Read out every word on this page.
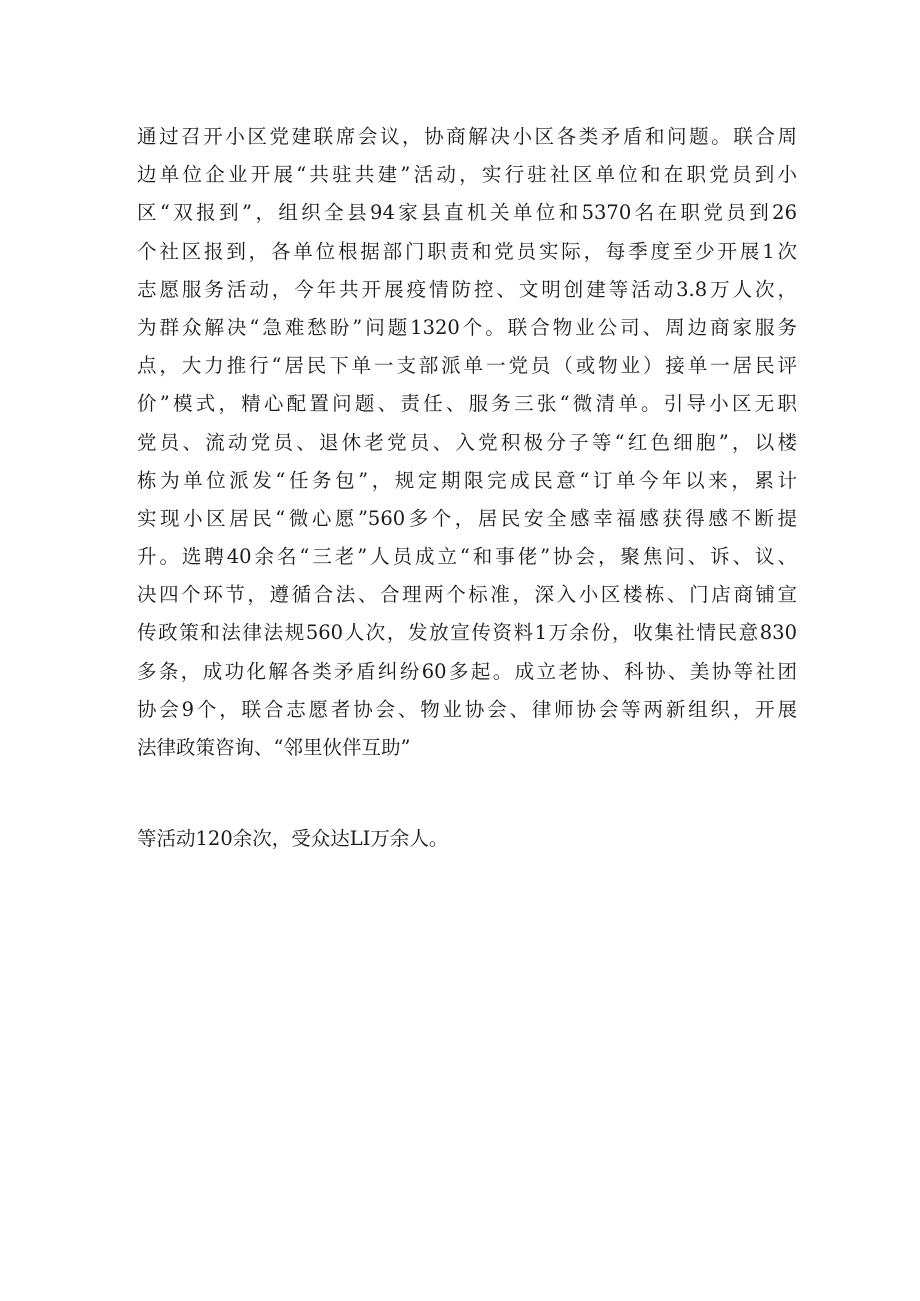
通过召开小区党建联席会议，协商解决小区各类矛盾和问题。联合周
边单位企业开展“共驻共建”活动，实行驻社区单位和在职党员到小
区“双报到”，组织全县94家县直机关单位和5370名在职党员到26
个社区报到，各单位根据部门职责和党员实际，每季度至少开展1次
志愿服务活动，今年共开展疫情防控、文明创建等活动3.8万人次，
为群众解决“急难愁盼”问题1320个。联合物业公司、周边商家服务
点，大力推行“居民下单一支部派单一党员（或物业）接单一居民评
价”模式，精心配置问题、责任、服务三张“微清单。引导小区无职
党员、流动党员、退休老党员、入党积极分子等“红色细胞”，以楼
栋为单位派发“任务包”，规定期限完成民意“订单今年以来，累计
实现小区居民“微心愿”560多个，居民安全感幸福感获得感不断提
升。选聘40余名“三老”人员成立“和事佬”协会，聚焦问、诉、议、
决四个环节，遵循合法、合理两个标准，深入小区楼栋、门店商铺宣
传政策和法律法规560人次，发放宣传资料1万余份，收集社情民意830
多条，成功化解各类矛盾纠纷60多起。成立老协、科协、美协等社团
协会9个，联合志愿者协会、物业协会、律师协会等两新组织，开展
法律政策咨询、“邻里伙伴互助”
等活动120余次，受众达LI万余人。
